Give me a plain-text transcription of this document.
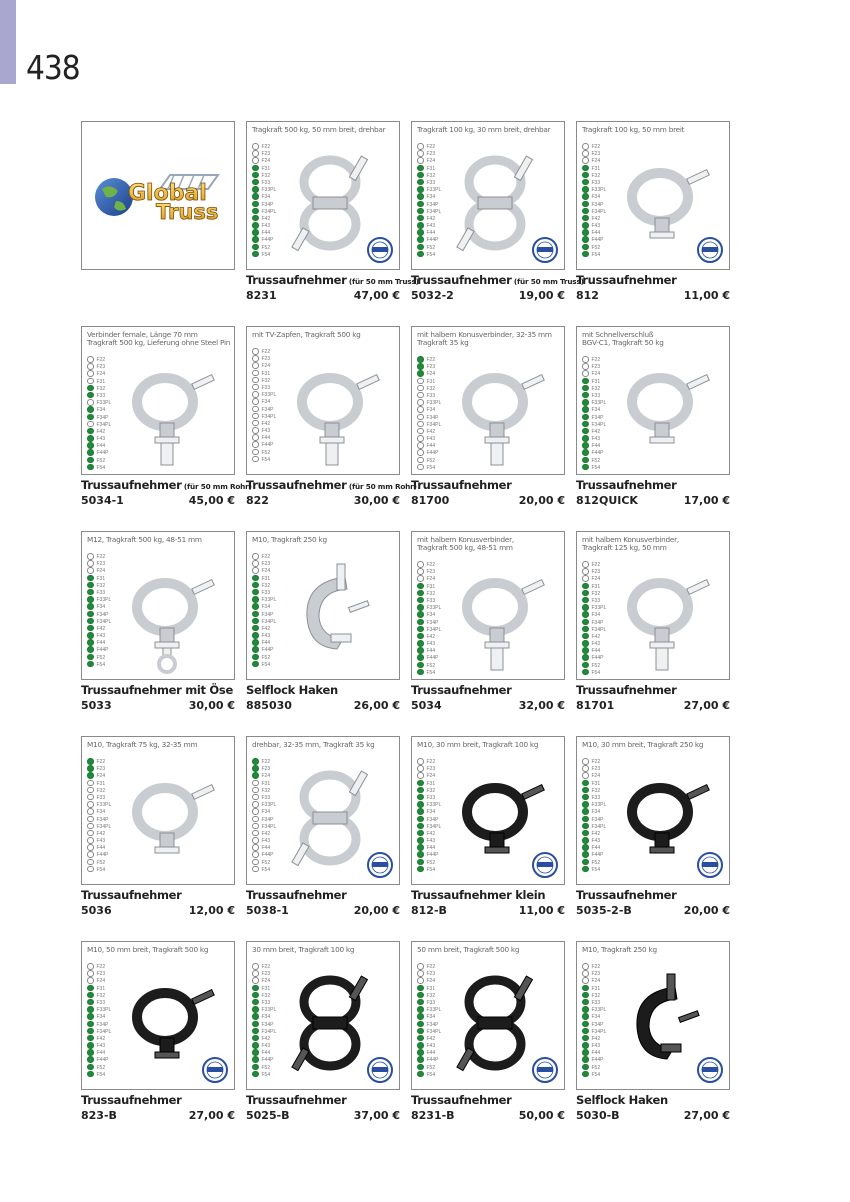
438
Global
Truss
Tragkraft 500 kg, 50 mm breit, drehbar
F22
F23
F24
F31
F32
F33
F33PL
F34
F34P
F34PL
F42
F43
F44
F44P
F52
F54
Trussaufnehmer (für 50 mm Truss)
8231	47,00 €
Tragkraft 100 kg, 30 mm breit, drehbar
F22
F23
F24
F31
F32
F33
F33PL
F34
F34P
F34PL
F42
F43
F44
F44P
F52
F54
Trussaufnehmer (für 50 mm Truss)
5032-2	19,00 €
Tragkraft 100 kg, 50 mm breit
F22
F23
F24
F31
F32
F33
F33PL
F34
F34P
F34PL
F42
F43
F44
F44P
F52
F54
Trussaufnehmer
812	11,00 €
Verbinder female, Länge 70 mm
Tragkraft 500 kg, Lieferung ohne Steel Pin
F22
F23
F24
F31
F32
F33
F33PL
F34
F34P
F34PL
F42
F43
F44
F44P
F52
F54
Trussaufnehmer (für 50 mm Rohr)
5034-1	45,00 €
mit TV-Zapfen, Tragkraft 500 kg
F22
F23
F24
F31
F32
F33
F33PL
F34
F34P
F34PL
F42
F43
F44
F44P
F52
F54
Trussaufnehmer (für 50 mm Rohr)
822	30,00 €
mit halbem Konusverbinder, 32-35 mm
Tragkraft 35 kg
F22
F23
F24
F31
F32
F33
F33PL
F34
F34P
F34PL
F42
F43
F44
F44P
F52
F54
Trussaufnehmer
81700	20,00 €
mit Schnellverschluß
BGV-C1, Tragkraft 50 kg
F22
F23
F24
F31
F32
F33
F33PL
F34
F34P
F34PL
F42
F43
F44
F44P
F52
F54
Trussaufnehmer
812QUICK	17,00 €
M12, Tragkraft 500 kg, 48-51 mm
F22
F23
F24
F31
F32
F33
F33PL
F34
F34P
F34PL
F42
F43
F44
F44P
F52
F54
Trussaufnehmer mit Öse
5033	30,00 €
M10, Tragkraft 250 kg
F22
F23
F24
F31
F32
F33
F33PL
F34
F34P
F34PL
F42
F43
F44
F44P
F52
F54
Selflock Haken
885030	26,00 €
mit halbem Konusverbinder,
Tragkraft 500 kg, 48-51 mm
F22
F23
F24
F31
F32
F33
F33PL
F34
F34P
F34PL
F42
F43
F44
F44P
F52
F54
Trussaufnehmer
5034	32,00 €
mit halbem Konusverbinder,
Tragkraft 125 kg, 50 mm
F22
F23
F24
F31
F32
F33
F33PL
F34
F34P
F34PL
F42
F43
F44
F44P
F52
F54
Trussaufnehmer
81701	27,00 €
M10, Tragkraft 75 kg, 32-35 mm
F22
F23
F24
F31
F32
F33
F33PL
F34
F34P
F34PL
F42
F43
F44
F44P
F52
F54
Trussaufnehmer
5036	12,00 €
drehbar, 32-35 mm, Tragkraft 35 kg
F22
F23
F24
F31
F32
F33
F33PL
F34
F34P
F34PL
F42
F43
F44
F44P
F52
F54
Trussaufnehmer
5038-1	20,00 €
M10, 30 mm breit, Tragkraft 100 kg
F22
F23
F24
F31
F32
F33
F33PL
F34
F34P
F34PL
F42
F43
F44
F44P
F52
F54
Trussaufnehmer klein
812-B	11,00 €
M10, 30 mm breit, Tragkraft 250 kg
F22
F23
F24
F31
F32
F33
F33PL
F34
F34P
F34PL
F42
F43
F44
F44P
F52
F54
Trussaufnehmer
5035-2-B	20,00 €
M10, 50 mm breit, Tragkraft 500 kg
F22
F23
F24
F31
F32
F33
F33PL
F34
F34P
F34PL
F42
F43
F44
F44P
F52
F54
Trussaufnehmer
823-B	27,00 €
30 mm breit, Tragkraft 100 kg
F22
F23
F24
F31
F32
F33
F33PL
F34
F34P
F34PL
F42
F43
F44
F44P
F52
F54
Trussaufnehmer
5025-B	37,00 €
50 mm breit, Tragkraft 500 kg
F22
F23
F24
F31
F32
F33
F33PL
F34
F34P
F34PL
F42
F43
F44
F44P
F52
F54
Trussaufnehmer
8231-B	50,00 €
M10, Tragkraft 250 kg
F22
F23
F24
F31
F32
F33
F33PL
F34
F34P
F34PL
F42
F43
F44
F44P
F52
F54
Selflock Haken
5030-B	27,00 €
